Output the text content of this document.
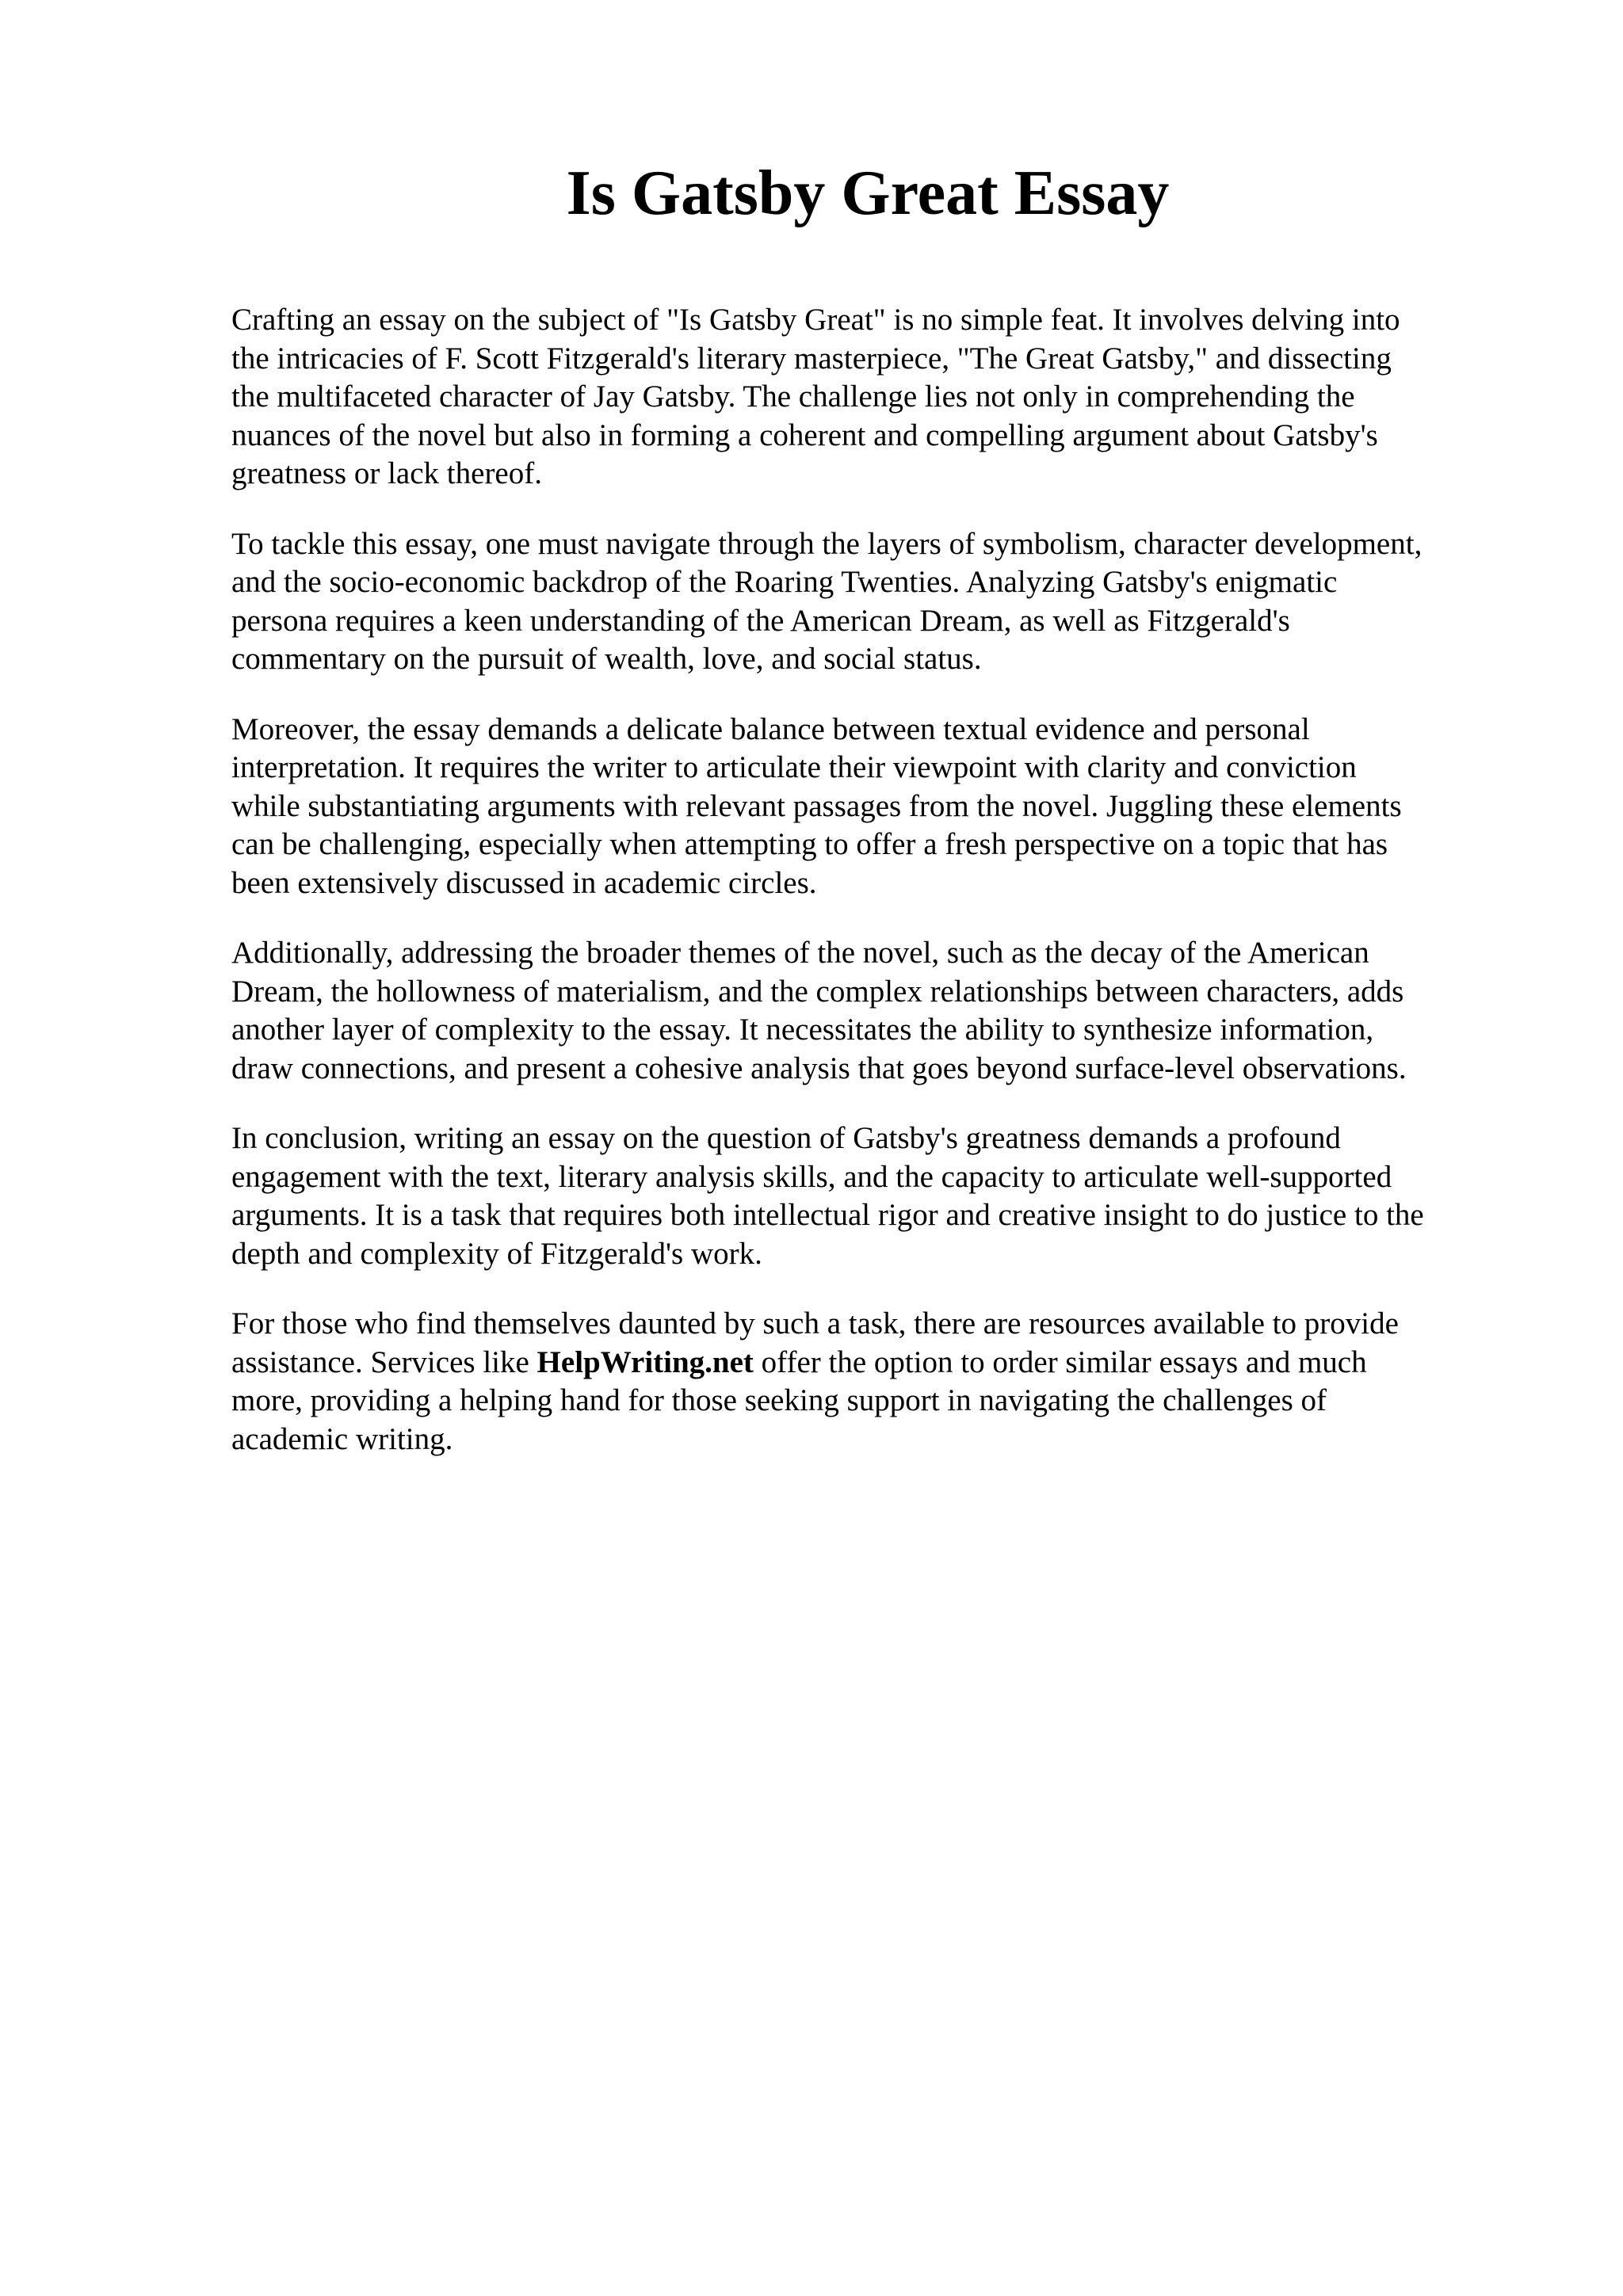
Is Gatsby Great Essay

Crafting an essay on the subject of "Is Gatsby Great" is no simple feat. It involves delving into
the intricacies of F. Scott Fitzgerald's literary masterpiece, "The Great Gatsby," and dissecting
the multifaceted character of Jay Gatsby. The challenge lies not only in comprehending the
nuances of the novel but also in forming a coherent and compelling argument about Gatsby's
greatness or lack thereof.

To tackle this essay, one must navigate through the layers of symbolism, character development,
and the socio-economic backdrop of the Roaring Twenties. Analyzing Gatsby's enigmatic
persona requires a keen understanding of the American Dream, as well as Fitzgerald's
commentary on the pursuit of wealth, love, and social status.

Moreover, the essay demands a delicate balance between textual evidence and personal
interpretation. It requires the writer to articulate their viewpoint with clarity and conviction
while substantiating arguments with relevant passages from the novel. Juggling these elements
can be challenging, especially when attempting to offer a fresh perspective on a topic that has
been extensively discussed in academic circles.

Additionally, addressing the broader themes of the novel, such as the decay of the American
Dream, the hollowness of materialism, and the complex relationships between characters, adds
another layer of complexity to the essay. It necessitates the ability to synthesize information,
draw connections, and present a cohesive analysis that goes beyond surface-level observations.

In conclusion, writing an essay on the question of Gatsby's greatness demands a profound
engagement with the text, literary analysis skills, and the capacity to articulate well-supported
arguments. It is a task that requires both intellectual rigor and creative insight to do justice to the
depth and complexity of Fitzgerald's work.

For those who find themselves daunted by such a task, there are resources available to provide
assistance. Services like HelpWriting.net offer the option to order similar essays and much
more, providing a helping hand for those seeking support in navigating the challenges of
academic writing.
